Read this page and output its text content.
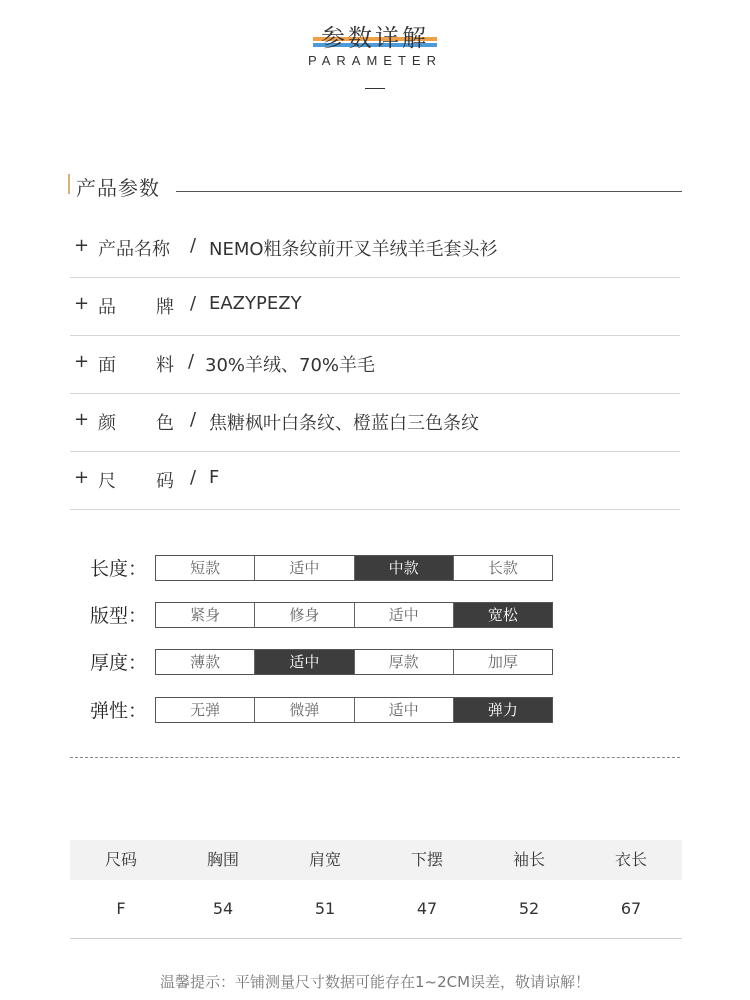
参数详解
PARAMETER
产品参数
+ 产品名称 / NEMO粗条纹前开叉羊绒羊毛套头衫
+ 品 牌 / EAZYPEZY
+ 面 料 / 30%羊绒、70%羊毛
+ 颜 色 / 焦糖枫叶白条纹、橙蓝白三色条纹
+ 尺 码 / F
长度：	短款	适中	中款	长款
版型：	紧身	修身	适中	宽松
厚度：	薄款	适中	厚款	加厚
弹性：	无弹	微弹	适中	弹力
尺码	胸围	肩宽	下摆	袖长	衣长
F	54	51	47	52	67
温馨提示：平铺测量尺寸数据可能存在1~2CM误差，敬请谅解！
